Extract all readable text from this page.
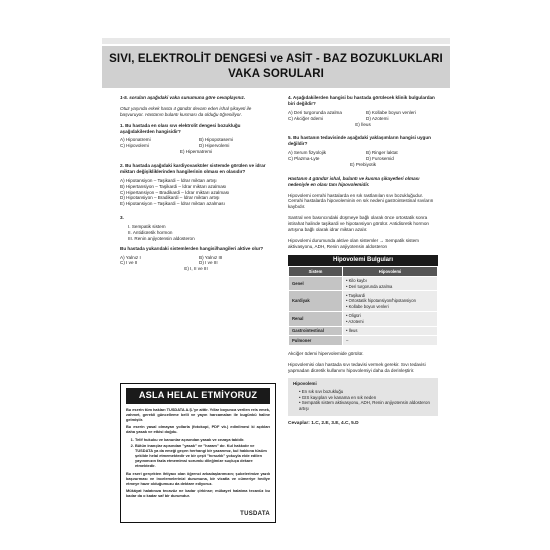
SIVI, ELEKTROLİT DENGESİ ve ASİT - BAZ BOZUKLUKLARI
VAKA SORULARI

1-5. soruları aşağıdaki vaka sunumuna göre cevaplayınız.

Otuz yaşında erkek hasta 4 gündür devam eden ishal şikayeti ile başvuruyor. Hastanın bulantı kusması da olduğu öğreniliyor.

1. Bu hastada en olası sıvı elektrolit dengesi bozukluğu aşağıdakilerden hangisidir?
A) Hiponatremi	B) Hipopotasemi
C) Hipovolemi	D) Hipervolemi
E) Hipernatremi
2. Bu hastada aşağıdaki kardiyovasküler sistemde görülen ve idrar miktarı değişikliklerinden hangilerinin olması en olasıdır?
A) Hipotansiyon – Taşikardi – İdrar miktarı artışı
B) Hipertansiyon – Taşikardi – İdrar miktarı azalması
C) Hipertansiyon – Bradikardi – İdrar miktarı azalması
D) Hipotansiyon – Bradikardi – İdrar miktarı artışı
E) Hipotansiyon – Taşikardi – İdrar miktarı azalması
3.
I. Sempatik sistem
II. Antidiüretik hormon
III. Renin anjiyotensin aldosteron
Bu hastada yukarıdaki sistemlerden hangisi/hangileri aktive olur?
A) Yalnız I	B) Yalnız III
C) I ve II	D) I ve III
E) I, II ve III
ASLA HELAL ETMİYORUZ

Bu eserin tüm hakları TUSDATA A.Ş.'ye aittir. Yıllar boyunca verilen reis emek, zahmet, gerekli güncelleme belli ve yayın harcamaları ile bugünkü haline gelmiştir.

Bu eserin yasal olmayan yollarla (fotokopi, PDF vb.) edinilmesi ki açıkları daha yasak ve etkisi doğdu.

1. Telif hukuku ve kanunlar açısından yasak ve cezaya tabidir.
2. Bütün inançlar açısından "yasak" ve "haram" dır. Kul hakkıdır ve TUSDATA ya da emeği geçen herhangi bir yazarımız, kul hakkına tüsüm şekilde helal etmemektedir ve bir çeşit "hırsızlık" yokuyla elde edilen yayınımızın fazla etmemimsi sorumlu dileğimize suçluça dekare etmektedir.

Bu eseri gerçekten ihtiyacı olan öğrenci arkadaşlarımızın; şubelerimize yazılı başvurması ve incelemelerinizi durumuna, bir vicatla ve cümeriye hediye etmeye hazır olduğumuzu da dektare ediyoruz.

Mükâyat halatınıza tecavüz ne kadar çirkinse; mükayet halatına tecavüz bu kadar da o kadar saf bir durumdur.

TUSDATA
4. Aşağıdakilerden hangisi bu hastada görülecek klinik bulgulardan biri değildir?
A) Deri turgorunda azalma	B) Kollabe boyun venleri
C) Akciğer ödemi	D) Azotemi
E) İleus
5. Bu hastanın tedavisinde aşağıdaki yaklaşımların hangisi uygun değildir?
A) Serum fizyolojik	B) Ringer laktat
C) Plazma-Lyte	D) Furosemid
E) Prebiyotik

Hastanın 4 gündür ishal, bulantı ve kusma şikayetleri olması nedeniyle en olası tanı hipovolemidir.

Hipovolemi cerrahi hastalarda en sık rastlanılan sıvı bozukluğudur. Cerrahi hastalarda hipovoleminin en sık nedeni gastrointestinal sıvıların kaybıdır.

Santral ven basıncındaki düşmeye bağlı olarak önce ortostatik sonra istirahat halinde taşikardi ve hipotansiyon görülür. Antidiüretik hormon artışına bağlı olarak idrar miktarı azalır.

Hipovolemi durumunda aktive olan sistemler → Sempatik sistem aktivasyonu, ADH, Renin anjiyotensin aldosteron

Hipovolemi Bulguları
Sistem	Hipovolemi
Genel	• Kilo kaybı
• Deri turgorunda azalma

Kardiyak	• Taşikardi
• Ortostatik hipotansiyon/hipotansiyon
• Kollabe boyun venleri

Renal	• Oligüri
• Azotemi

Gastrointestinal	• İleus

Pulmoner	–

Akciğer ödemi hipervolemide görülür.

Hipovolemisi olan hastada sıvı tedavisi vermek gerekir. Sıvı tedavisi yapmadan diüretik kullanımı hipovolemiyi daha da derinleştirir.

Hipovolemi
• En sık sıvı bozukluğu
• GIS kayıpları ve kanama en sık neden
• Sempatik sistem aktivasyonu, ADH, Renin anjiyotensin aldosteron artışı
Cevaplar: 1.C, 2.E, 3.E, 4.C, 5.D
